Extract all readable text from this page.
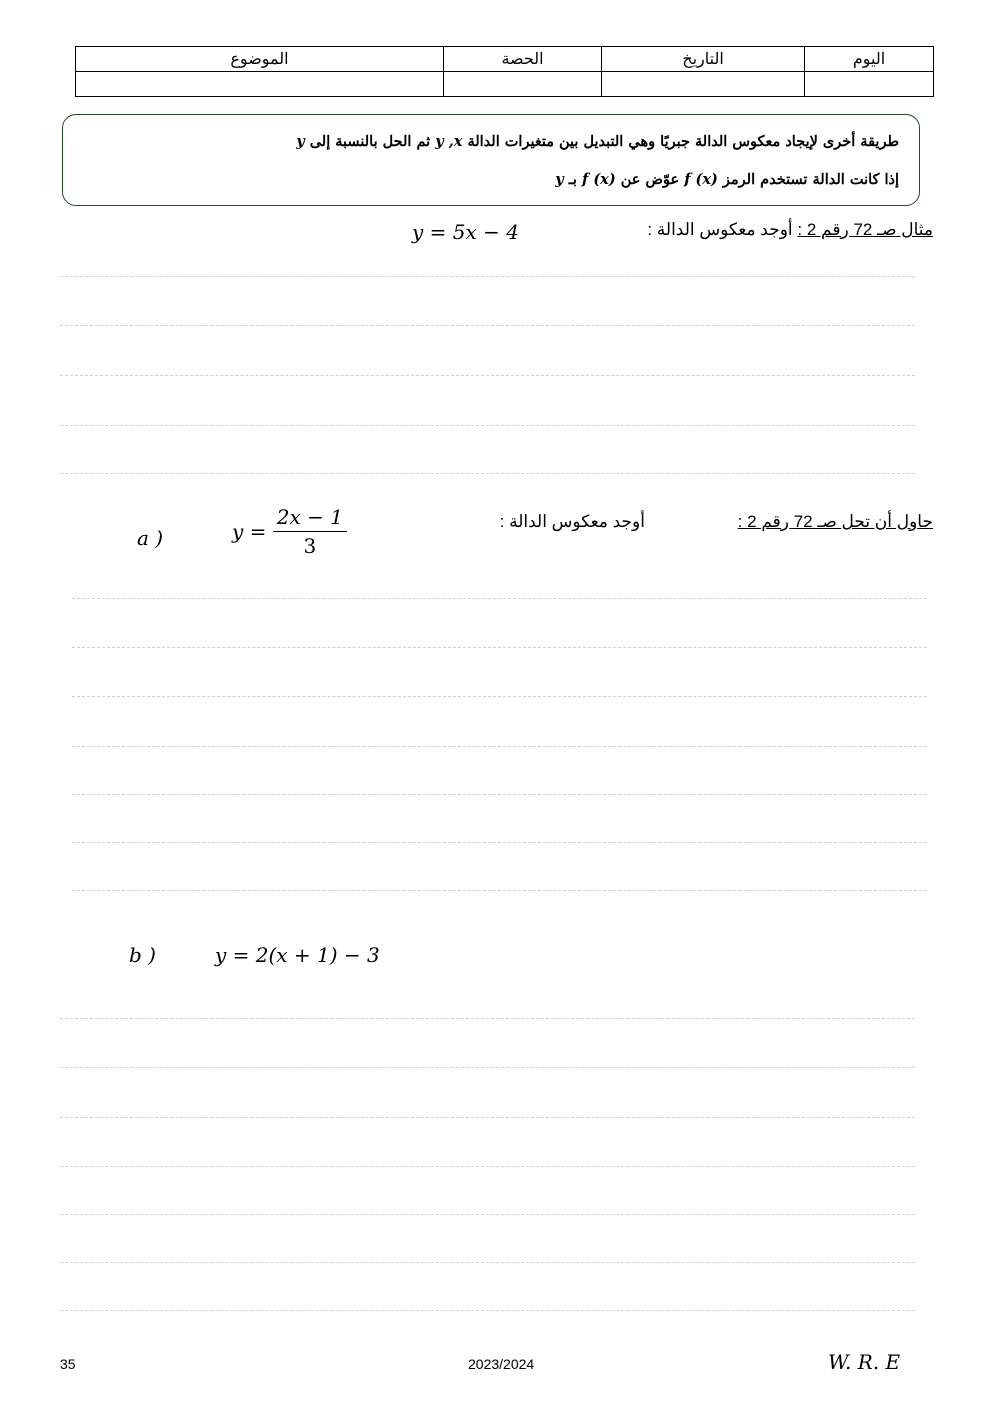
الموضوع	الحصة	التاريخ	اليوم

طريقة أخرى لإيجاد معكوس الدالة جبريًا وهي التبديل بين متغيرات الدالة y ,x ثم الحل بالنسبة إلى y
إذا كانت الدالة تستخدم الرمز f (x) عوّض عن f (x) بـ y
مثال صـ 72 رقم 2 : أوجد معكوس الدالة :
y = 5x − 4
حاول أن تحل صـ 72 رقم 2 :
أوجد معكوس الدالة :
a )	$y = \frac{2x - 1}{3}$
b )	y = 2(x + 1) − 3
35	2023/2024	W. R. E
